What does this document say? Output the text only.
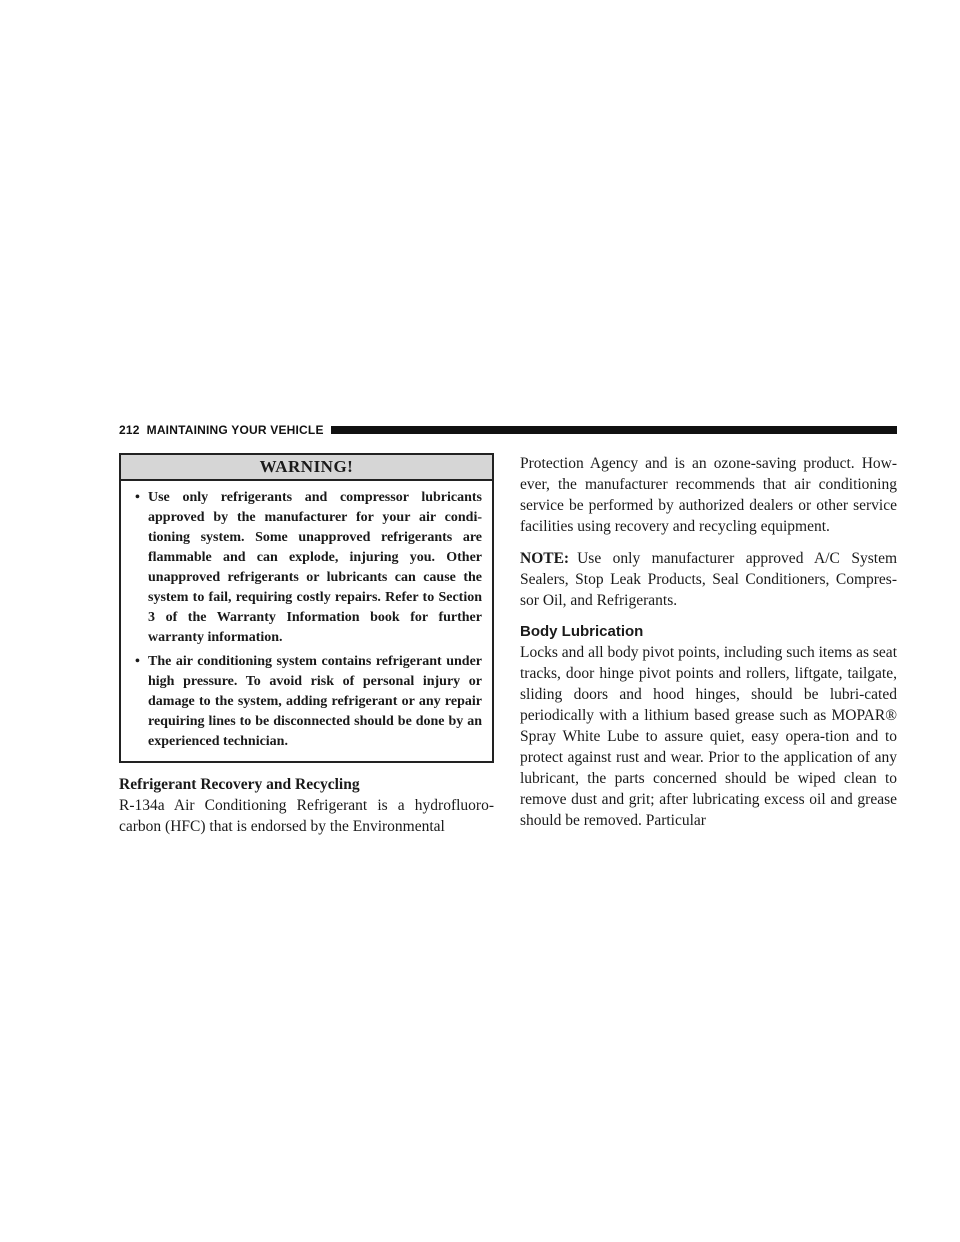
212 MAINTAINING YOUR VEHICLE
WARNING!
• Use only refrigerants and compressor lubricants approved by the manufacturer for your air condi-tioning system. Some unapproved refrigerants are flammable and can explode, injuring you. Other unapproved refrigerants or lubricants can cause the system to fail, requiring costly repairs. Refer to Section 3 of the Warranty Information book for further warranty information.
• The air conditioning system contains refrigerant under high pressure. To avoid risk of personal injury or damage to the system, adding refrigerant or any repair requiring lines to be disconnected should be done by an experienced technician.
Refrigerant Recovery and Recycling

R-134a Air Conditioning Refrigerant is a hydrofluoro-carbon (HFC) that is endorsed by the Environmental

Protection Agency and is an ozone-saving product. How-ever, the manufacturer recommends that air conditioning service be performed by authorized dealers or other service facilities using recovery and recycling equipment.

NOTE: Use only manufacturer approved A/C System Sealers, Stop Leak Products, Seal Conditioners, Compres-sor Oil, and Refrigerants.

Body Lubrication

Locks and all body pivot points, including such items as seat tracks, door hinge pivot points and rollers, liftgate, tailgate, sliding doors and hood hinges, should be lubri-cated periodically with a lithium based grease such as MOPAR® Spray White Lube to assure quiet, easy opera-tion and to protect against rust and wear. Prior to the application of any lubricant, the parts concerned should be wiped clean to remove dust and grit; after lubricating excess oil and grease should be removed. Particular
